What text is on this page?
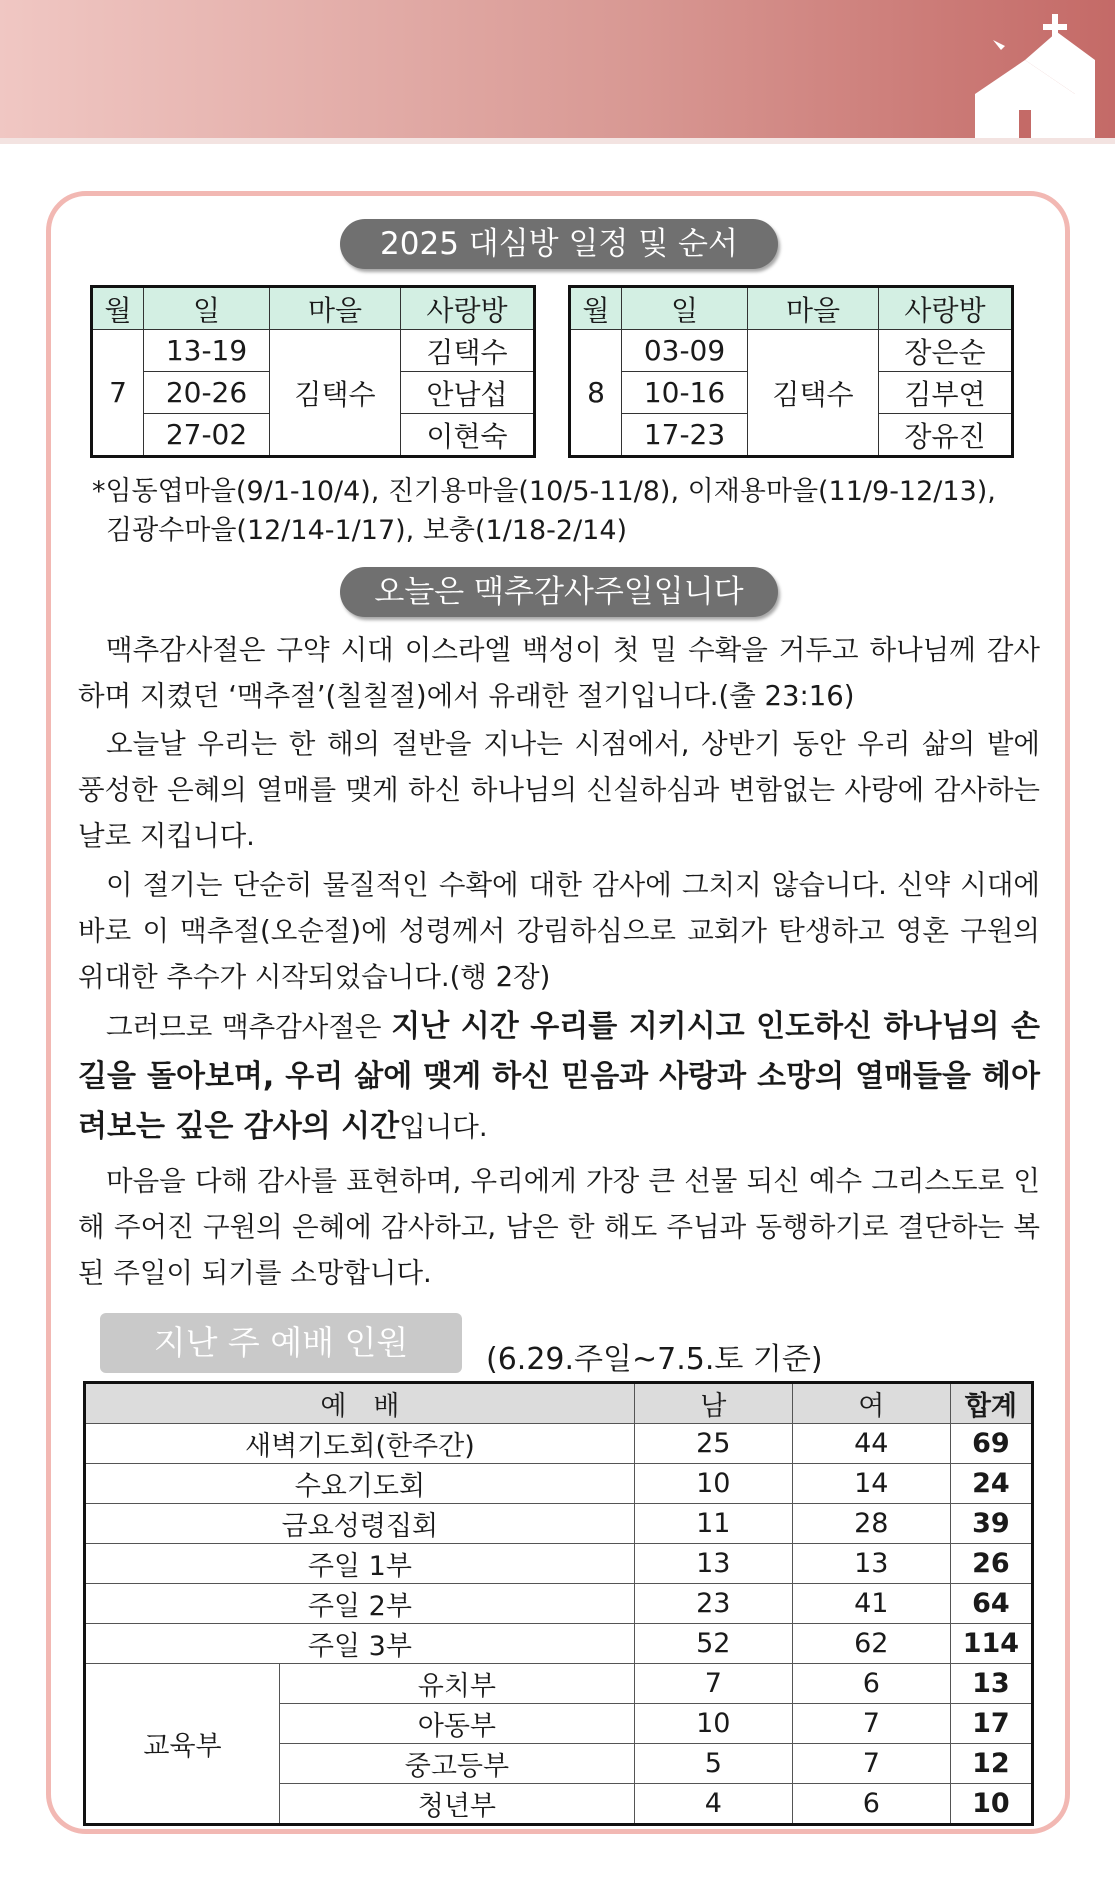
2025 대심방 일정 및 순서
월	일	마을	사랑방
7	13-19	김택수	김택수
	20-26		안남섭
	27-02		이현숙
월	일	마을	사랑방
8	03-09	김택수	장은순
	10-16		김부연
	17-23		장유진
*임동엽마을(9/1-10/4), 진기용마을(10/5-11/8), 이재용마을(11/9-12/13),
김광수마을(12/14-1/17), 보충(1/18-2/14)
오늘은 맥추감사주일입니다
맥추감사절은 구약 시대 이스라엘 백성이 첫 밀 수확을 거두고 하나님께 감사하며 지켰던 ‘맥추절’(칠칠절)에서 유래한 절기입니다.(출 23:16)
오늘날 우리는 한 해의 절반을 지나는 시점에서, 상반기 동안 우리 삶의 밭에 풍성한 은혜의 열매를 맺게 하신 하나님의 신실하심과 변함없는 사랑에 감사하는 날로 지킵니다.
이 절기는 단순히 물질적인 수확에 대한 감사에 그치지 않습니다. 신약 시대에 바로 이 맥추절(오순절)에 성령께서 강림하심으로 교회가 탄생하고 영혼 구원의 위대한 추수가 시작되었습니다.(행 2장)
그러므로 맥추감사절은 지난 시간 우리를 지키시고 인도하신 하나님의 손길을 돌아보며, 우리 삶에 맺게 하신 믿음과 사랑과 소망의 열매들을 헤아려보는 깊은 감사의 시간입니다.
마음을 다해 감사를 표현하며, 우리에게 가장 큰 선물 되신 예수 그리스도로 인해 주어진 구원의 은혜에 감사하고, 남은 한 해도 주님과 동행하기로 결단하는 복된 주일이 되기를 소망합니다.
지난 주 예배 인원	(6.29.주일~7.5.토 기준)
예　배		남	여	합계
새벽기도회(한주간)		25	44	69
수요기도회		10	14	24
금요성령집회		11	28	39
주일 1부		13	13	26
주일 2부		23	41	64
주일 3부		52	62	114
교육부	유치부	7	6	13
	아동부	10	7	17
	중고등부	5	7	12
	청년부	4	6	10
